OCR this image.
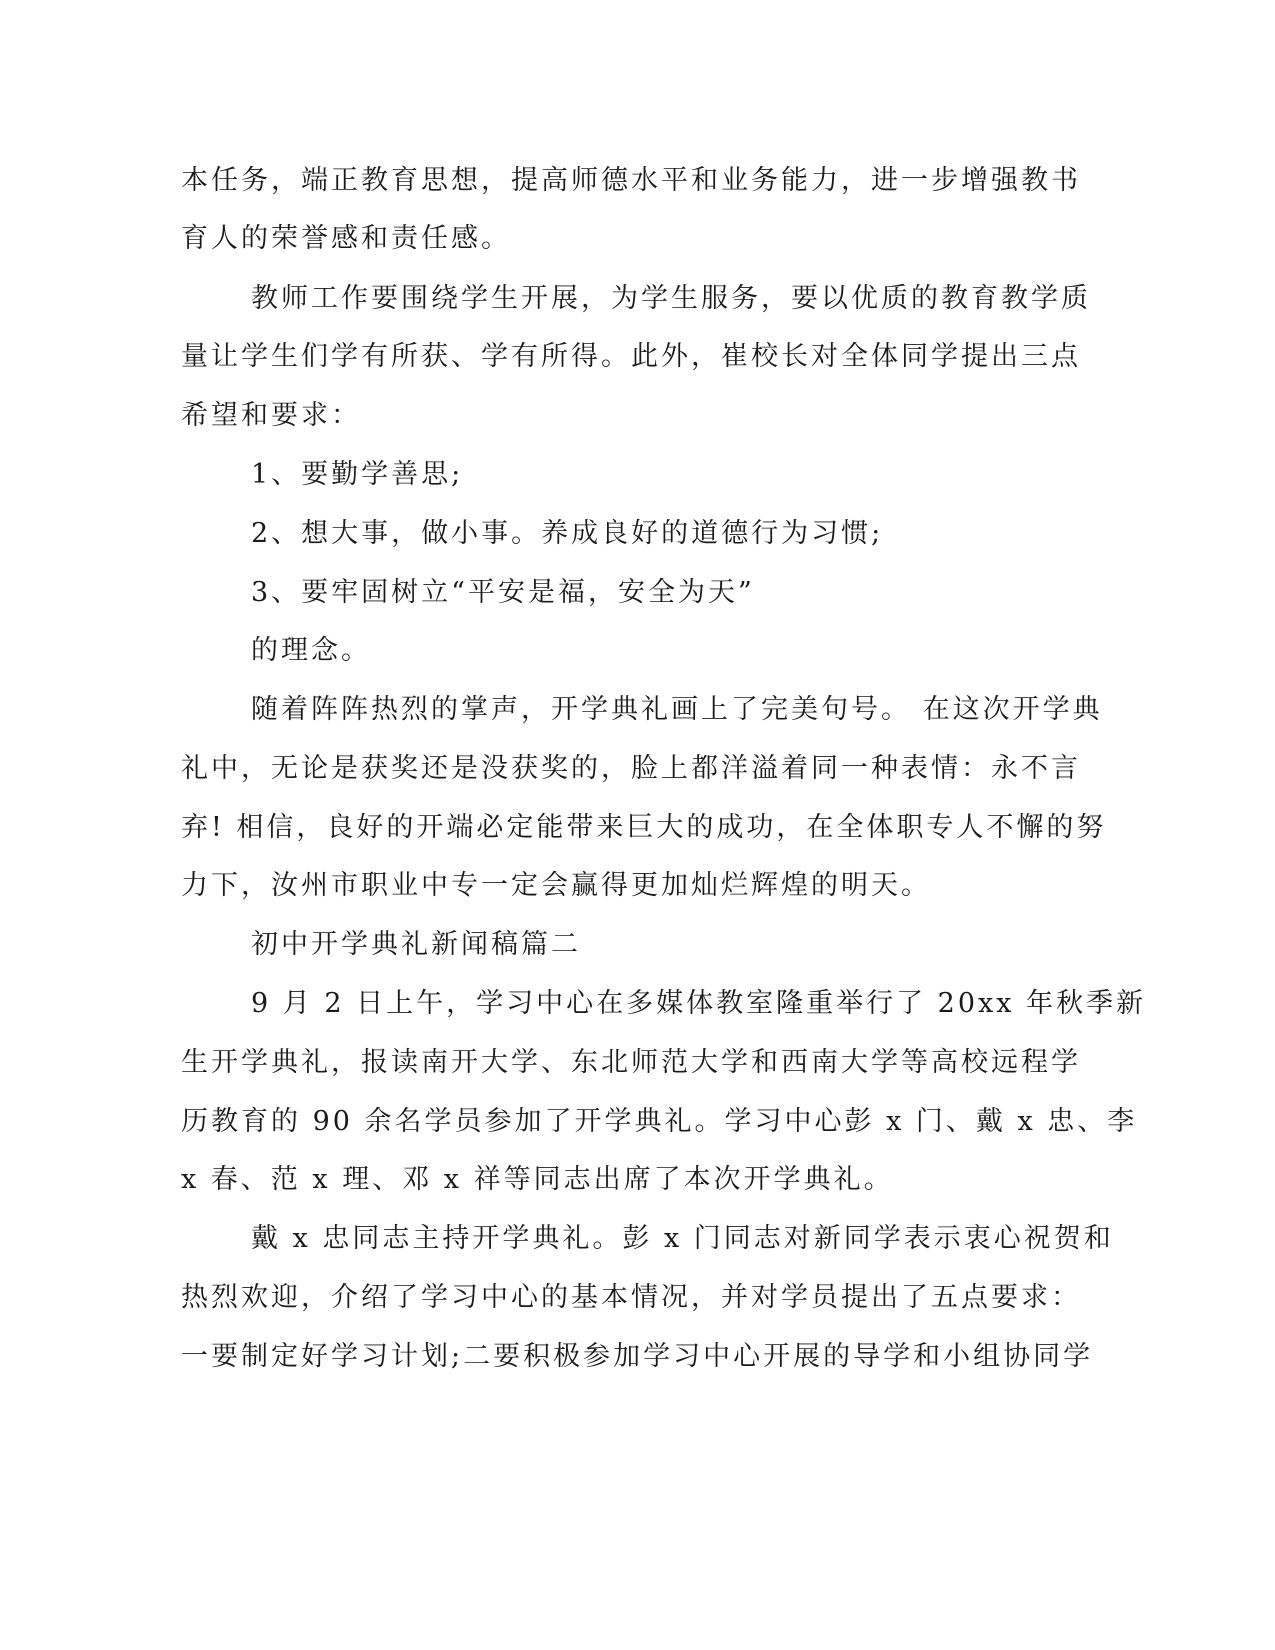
本任务，端正教育思想，提高师德水平和业务能力，进一步增强教书
育人的荣誉感和责任感。
教师工作要围绕学生开展，为学生服务，要以优质的教育教学质
量让学生们学有所获、学有所得。此外，崔校长对全体同学提出三点
希望和要求：
1、要勤学善思;
2、想大事，做小事。养成良好的道德行为习惯;
3、要牢固树立“平安是福，安全为天”
的理念。
随着阵阵热烈的掌声，开学典礼画上了完美句号。 在这次开学典
礼中，无论是获奖还是没获奖的，脸上都洋溢着同一种表情：永不言
弃! 相信，良好的开端必定能带来巨大的成功，在全体职专人不懈的努
力下，汝州市职业中专一定会赢得更加灿烂辉煌的明天。
初中开学典礼新闻稿篇二
9 月 2 日上午，学习中心在多媒体教室隆重举行了 20xx 年秋季新
生开学典礼，报读南开大学、东北师范大学和西南大学等高校远程学
历教育的 90 余名学员参加了开学典礼。学习中心彭 x 门、戴 x 忠、李
x 春、范 x 理、邓 x 祥等同志出席了本次开学典礼。
戴 x 忠同志主持开学典礼。彭 x 门同志对新同学表示衷心祝贺和
热烈欢迎，介绍了学习中心的基本情况，并对学员提出了五点要求：
一要制定好学习计划;二要积极参加学习中心开展的导学和小组协同学
